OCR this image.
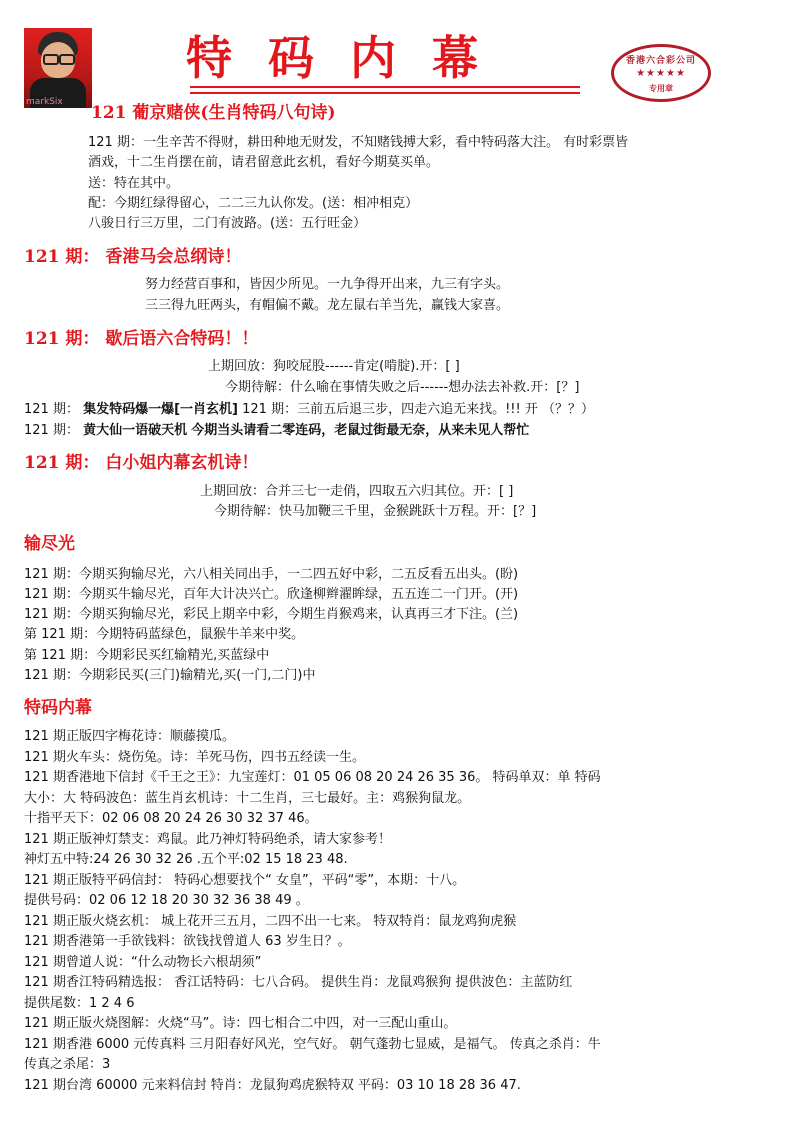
markSix
特码内幕	香港六合彩公司
★★★★★
专用章
121 葡京赌侠(生肖特码八句诗)
121 期：一生辛苦不得财，耕田种地无财发，不知赌钱搏大彩，看中特码落大注。 有时彩票皆
酒戏，十二生肖摆在前，请君留意此玄机，看好今期莫买单。
送：特在其中。
配：今期红绿得留心，二二三九认你发。(送：相冲相克）
八骏日行三万里，二门有波路。(送：五行旺金）
121 期： 香港马会总纲诗！
努力经营百事和，皆因少所见。一九争得开出来，九三有字头。
三三得九旺两头，有帽偏不戴。龙左鼠右羊当先，赢钱大家喜。
121 期： 歇后语六合特码！！
上期回放：狗咬屁股------肯定(啃腚).开：[ ]
今期待解：什么喻在事情失败之后------想办法去补救.开：[？]
121 期： 集发特码爆一爆[一肖玄机] 121 期：三前五后退三步，四走六追无来找。!!! 开 （？？）
121 期： 黄大仙一语破天机 今期当头请看二零连码，老鼠过街最无奈，从来未见人帮忙
121 期： 白小姐内幕玄机诗！
上期回放：合并三七一走俏，四取五六归其位。开：[ ]
今期待解：快马加鞭三千里，金猴跳跃十万程。开：[？]
输尽光
121 期：今期买狗输尽光，六八相关同出手，一二四五好中彩，二五反看五出头。(盼)
121 期：今期买牛输尽光，百年大计决兴亡。欣逢柳辫濯眸绿，五五连二一门开。(开)
121 期：今期买狗输尽光，彩民上期辛中彩，今期生肖猴鸡来，认真再三才下注。(兰)
第 121 期：今期特码蓝绿色，鼠猴牛羊来中奖。
第 121 期：今期彩民买红输精光,买蓝绿中
121 期：今期彩民买(三门)输精光,买(一门,二门)中
特码内幕
121 期正版四字梅花诗：顺藤摸瓜。
121 期火车头：烧伤兔。诗：羊死马伤，四书五经读一生。
121 期香港地下信封《千王之王》：九宝莲灯：01 05 06 08 20 24 26 35 36。 特码单双：单 特码
大小：大 特码波色：蓝生肖玄机诗：十二生肖，三七最好。主：鸡猴狗鼠龙。
十指平天下：02 06 08 20 24 26 30 32 37 46。
121 期正版神灯禁支：鸡鼠。此乃神灯特码绝杀，请大家参考！
神灯五中特:24 26 30 32 26 .五个平:02 15 18 23 48.
121 期正版特平码信封： 特码心想要找个“ 女皇”，平码“零”，本期：十八。
提供号码：02 06 12 18 20 30 32 36 38 49 。
121 期正版火烧玄机： 城上花开三五月，二四不出一七来。 特双特肖：鼠龙鸡狗虎猴
121 期香港第一手欲钱料：欲钱找曾道人 63 岁生日？。
121 期曾道人说：“什么动物长六根胡须”
121 期香江特码精选报： 香江话特码：七八合码。 提供生肖：龙鼠鸡猴狗 提供波色：主蓝防红
提供尾数：1 2 4 6
121 期正版火烧图解：火烧“马”。诗：四七相合二中四，对一三配山重山。
121 期香港 6000 元传真料 三月阳春好风光，空气好。 朝气蓬勃七显威，是福气。 传真之杀肖：牛
传真之杀尾：3
121 期台湾 60000 元来料信封 特肖：龙鼠狗鸡虎猴特双 平码：03 10 18 28 36 47.
